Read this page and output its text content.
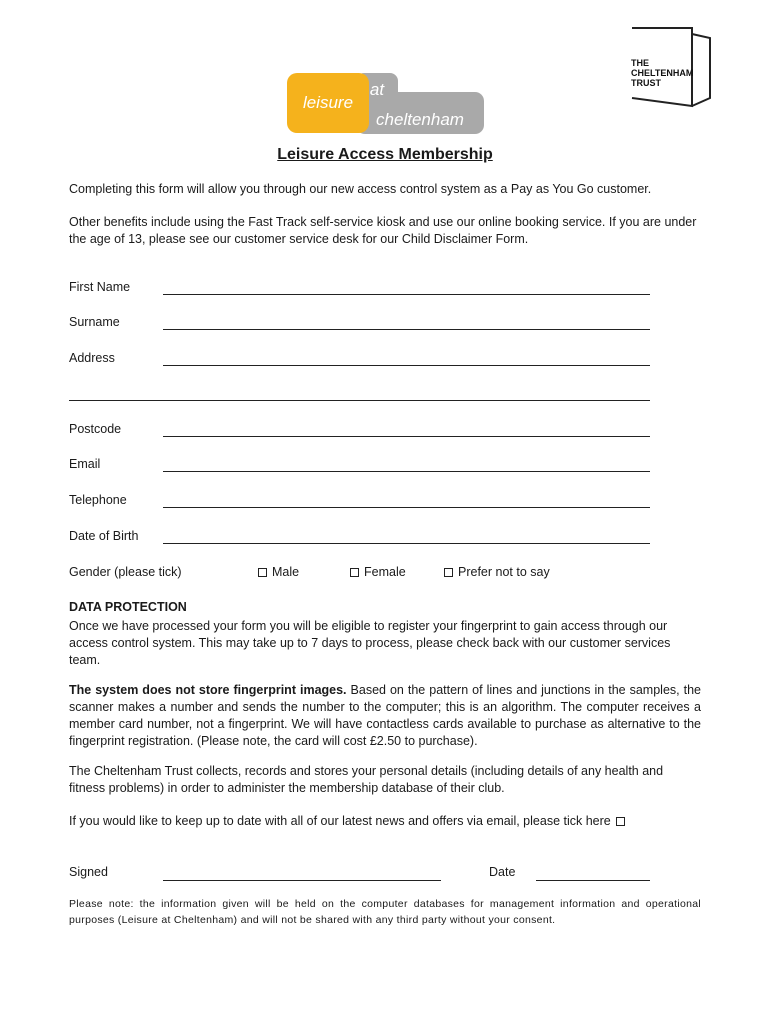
cheltenham
at
leisure
THE
CHELTENHAM
TRUST
Leisure Access Membership
Completing this form will allow you through our new access control system as a Pay as You Go customer.
Other benefits include using the Fast Track self-service kiosk and use our online booking service. If you are under the age of 13, please see our customer service desk for our Child Disclaimer Form.
First Name
Surname
Address
Postcode
Email
Telephone
Date of Birth
Gender (please tick)	Male	Female	Prefer not to say
DATA PROTECTION
Once we have processed your form you will be eligible to register your fingerprint to gain access through our access control system. This may take up to 7 days to process, please check back with our customer services team.
The system does not store fingerprint images. Based on the pattern of lines and junctions in the samples, the scanner makes a number and sends the number to the computer; this is an algorithm. The computer receives a member card number, not a fingerprint. We will have contactless cards available to purchase as alternative to the fingerprint registration. (Please note, the card will cost £2.50 to purchase).
The Cheltenham Trust collects, records and stores your personal details (including details of any health and fitness problems) in order to administer the membership database of their club.
If you would like to keep up to date with all of our latest news and offers via email, please tick here
Signed	Date
Please note: the information given will be held on the computer databases for management information and operational purposes (Leisure at Cheltenham) and will not be shared with any third party without your consent.
